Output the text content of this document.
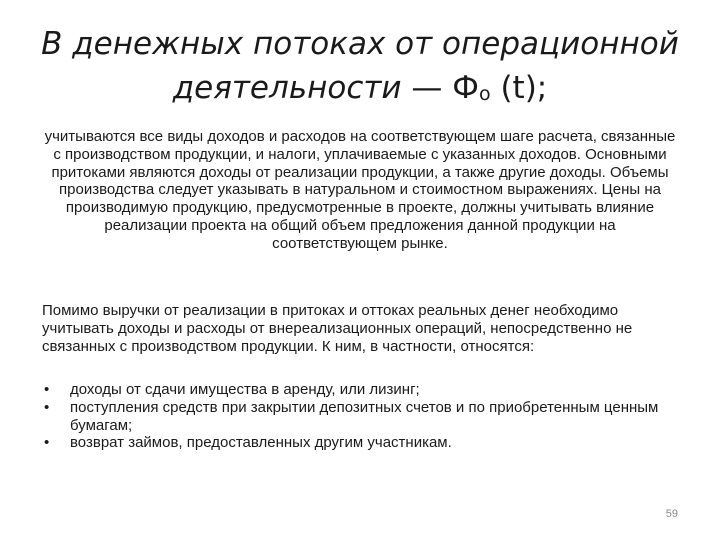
В денежных потоках от операционной деятельности — Фо (t);

учитываются все виды доходов и расходов на соответствующем шаге расчета, связанные с производством продукции, и налоги, уплачиваемые с указанных доходов. Основными притоками являются доходы от реализации продукции, а также другие доходы. Объемы производства следует указывать в натуральном и стоимостном выражениях. Цены на производимую продукцию, предусмотренные в проекте, должны учитывать влияние реализации проекта на общий объем предложения данной продукции на соответствующем рынке.

Помимо выручки от реализации в притоках и оттоках реальных денег необходимо учитывать доходы и расходы от внереализационных операций, непосредственно не связанных с производством продукции. К ним, в частности, относятся:

• доходы от сдачи имущества в аренду, или лизинг;
• поступления средств при закрытии депозитных счетов и по приобретенным ценным бумагам;
• возврат займов, предоставленных другим участникам.
59
